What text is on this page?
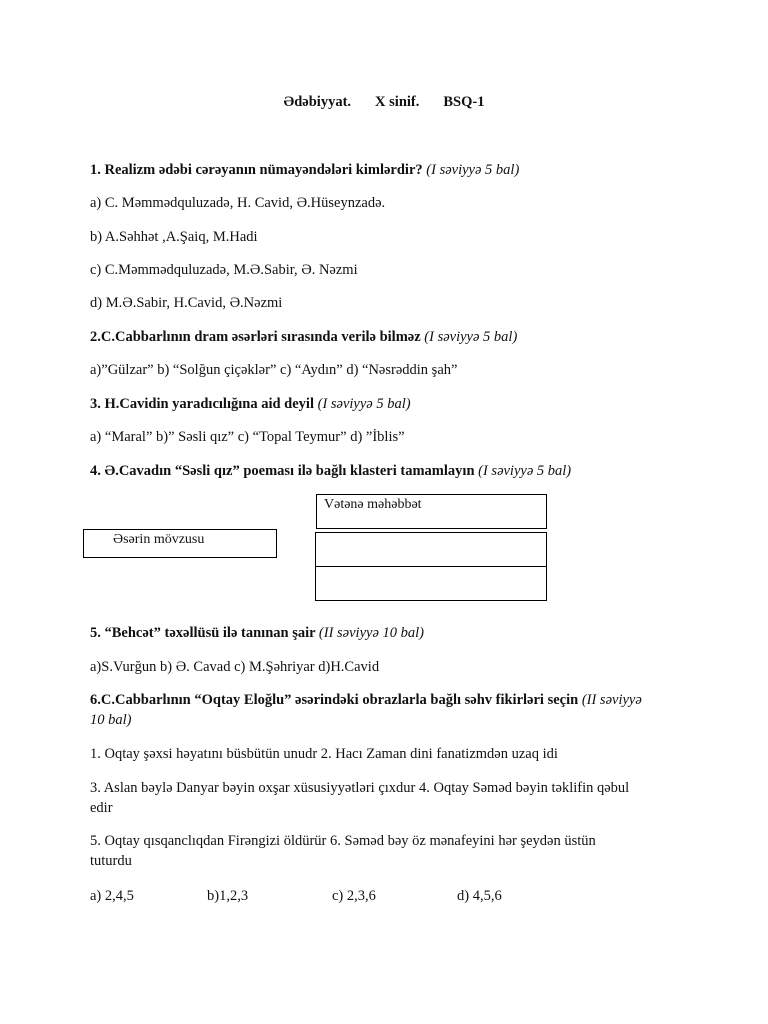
Ədəbiyyat. X sinif. BSQ-1
1. Realizm ədəbi cərəyanın nümayəndələri kimlərdir? (I səviyyə 5 bal)
a) C. Məmmədquluzadə, H. Cavid, Ə.Hüseynzadə.
b) A.Səhhət ,A.Şaiq, M.Hadi
c) C.Məmmədquluzadə, M.Ə.Sabir, Ə. Nəzmi
d) M.Ə.Sabir, H.Cavid, Ə.Nəzmi
2.C.Cabbarlının dram əsərləri sırasında verilə bilməz (I səviyyə 5 bal)
a)”Gülzar” b) “Solğun çiçəklər” c) “Aydın” d) “Nəsrəddin şah”
3. H.Cavidin yaradıcılığına aid deyil (I səviyyə 5 bal)
a) “Maral” b)” Səsli qız” c) “Topal Teymur” d) ”İblis”
4. Ə.Cavadın “Səsli qız” poeması ilə bağlı klasteri tamamlayın (I səviyyə 5 bal)
Əsərin mövzusu
Vətənə məhəbbət
5. “Behcət” təxəllüsü ilə tanınan şair (II səviyyə 10 bal)
a)S.Vurğun b) Ə. Cavad c) M.Şəhriyar d)H.Cavid
6.C.Cabbarlının “Oqtay Eloğlu” əsərindəki obrazlarla bağlı səhv fikirləri seçin (II səviyyə
10 bal)
1. Oqtay şəxsi həyatını büsbütün unudr 2. Hacı Zaman dini fanatizmdən uzaq idi
3. Aslan bəylə Danyar bəyin oxşar xüsusiyyətləri çıxdur 4. Oqtay Səməd bəyin təklifin qəbul
edir
5. Oqtay qısqanclıqdan Firəngizi öldürür 6. Səməd bəy öz mənafeyini hər şeydən üstün
tuturdu
a) 2,4,5	b)1,2,3	c) 2,3,6	d) 4,5,6
